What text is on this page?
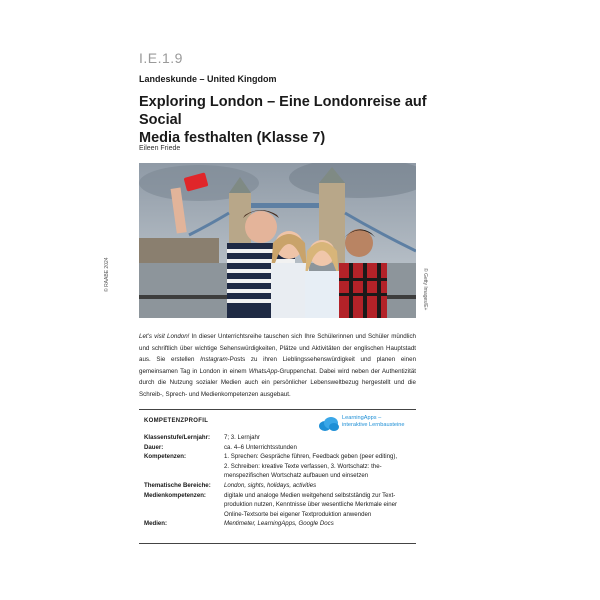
I.E.1.9
Landeskunde – United Kingdom
Exploring London – Eine Londonreise auf Social
Media festhalten (Klasse 7)
Eileen Friede
© RAABE 2024	© Getty Images/E+
Let’s visit London! In dieser Unterrichtsreihe tauschen sich Ihre Schülerinnen und Schüler mündlich und schriftlich über wichtige Sehenswürdigkeiten, Plätze und Aktivitäten der englischen Hauptstadt aus. Sie erstellen Instagram-Posts zu ihren Lieblingssehenswürdigkeit und planen einen gemeinsamen Tag in London in einem WhatsApp-Gruppenchat. Dabei wird neben der Authentizität durch die Nutzung sozialer Medien auch ein persönlicher Lebensweltbezug hergestellt und die Schreib-, Sprech- und Medienkompetenzen ausgebaut.
KOMPETENZPROFIL	LearningApps –
interaktive Lernbausteine
Klassenstufe/Lernjahr:	7; 3. Lernjahr
Dauer:	ca. 4–6 Unterrichtsstunden
Kompetenzen:	1. Sprechen: Gespräche führen, Feedback geben (peer editing),
2. Schreiben: kreative Texte verfassen, 3. Wortschatz: the-
menspezifischen Wortschatz aufbauen und einsetzen
Thematische Bereiche:	London, sights, holidays, activities
Medienkompetenzen:	digitale und analoge Medien weitgehend selbstständig zur Text-
produktion nutzen, Kenntnisse über wesentliche Merkmale einer
Online-Textsorte bei eigener Textproduktion anwenden
Medien:	Mentimeter, LearningApps, Google Docs
